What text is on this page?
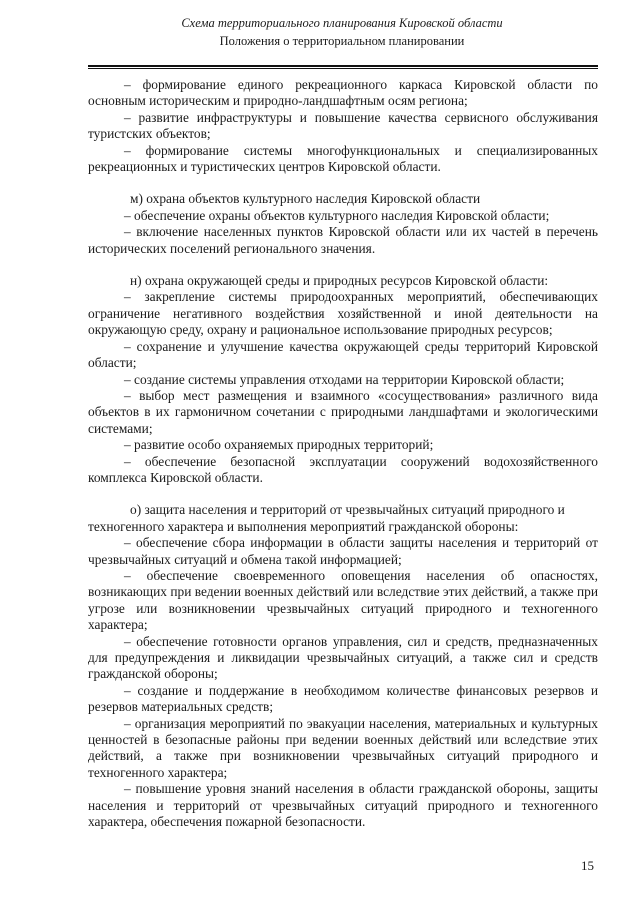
Схема территориального планирования Кировской области
Положения о территориальном планировании

– формирование единого рекреационного каркаса Кировской области по основным историческим и природно-ландшафтным осям региона;

– развитие инфраструктуры и повышение качества сервисного обслуживания туристских объектов;

– формирование системы многофункциональных и специализированных рекреационных и туристических центров Кировской области.

м) охрана объектов культурного наследия Кировской области

– обеспечение охраны объектов культурного наследия Кировской области;

– включение населенных пунктов Кировской области или их частей в перечень исторических поселений регионального значения.

н) охрана окружающей среды и природных ресурсов Кировской области:

– закрепление системы природоохранных мероприятий, обеспечивающих ограничение негативного воздействия хозяйственной и иной деятельности на окружающую среду, охрану и рациональное использование природных ресурсов;

– сохранение и улучшение качества окружающей среды территорий Кировской области;

– создание системы управления отходами на территории Кировской области;

– выбор мест размещения и взаимного «сосуществования» различного вида объектов в их гармоничном сочетании с природными ландшафтами и экологическими системами;

– развитие особо охраняемых природных территорий;

– обеспечение безопасной эксплуатации сооружений водохозяйственного комплекса Кировской области.

о) защита населения и территорий от чрезвычайных ситуаций природного и техногенного характера и выполнения мероприятий гражданской обороны:

– обеспечение сбора информации в области защиты населения и территорий от чрезвычайных ситуаций и обмена такой информацией;

– обеспечение своевременного оповещения населения об опасностях, возникающих при ведении военных действий или вследствие этих действий, а также при угрозе или возникновении чрезвычайных ситуаций природного и техногенного характера;

– обеспечение готовности органов управления, сил и средств, предназначенных для предупреждения и ликвидации чрезвычайных ситуаций, а также сил и средств гражданской обороны;

– создание и поддержание в необходимом количестве финансовых резервов и резервов материальных средств;

– организация мероприятий по эвакуации населения, материальных и культурных ценностей в безопасные районы при ведении военных действий или вследствие этих действий, а также при возникновении чрезвычайных ситуаций природного и техногенного характера;

– повышение уровня знаний населения в области гражданской обороны, защиты населения и территорий от чрезвычайных ситуаций природного и техногенного характера, обеспечения пожарной безопасности.

15
